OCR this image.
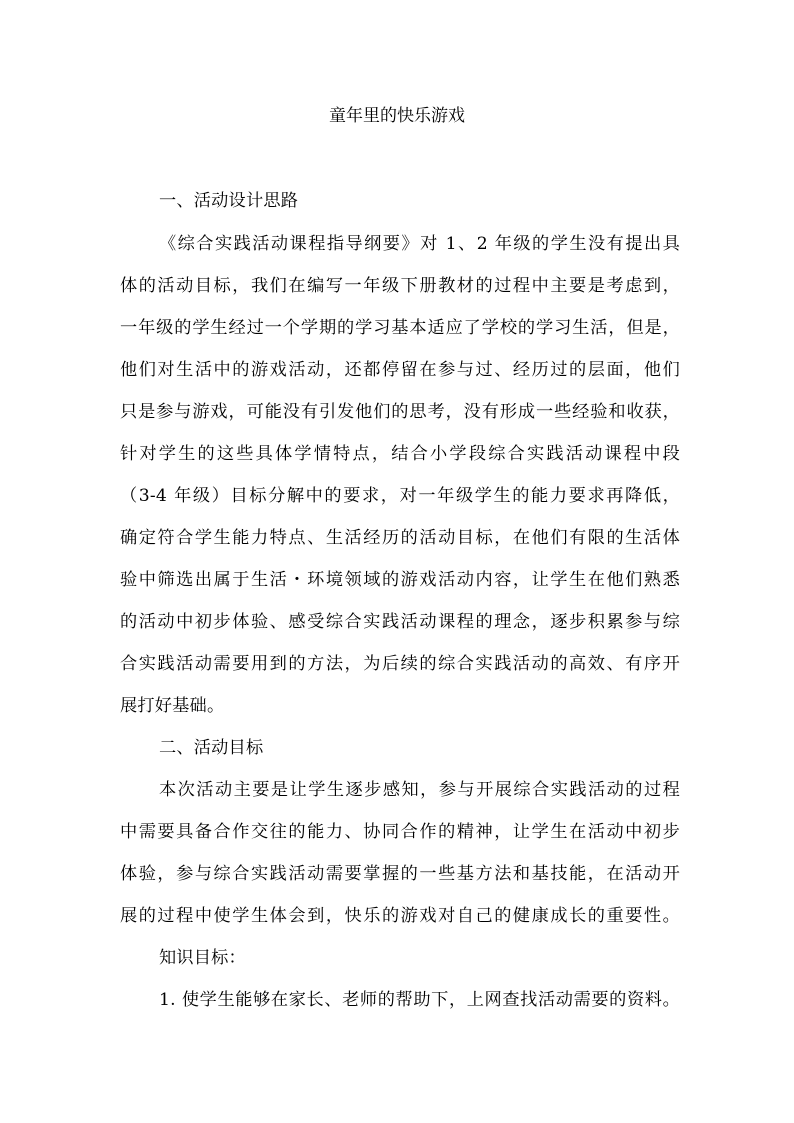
童年里的快乐游戏
一、活动设计思路
《综合实践活动课程指导纲要》对 1、2 年级的学生没有提出具
体的活动目标，我们在编写一年级下册教材的过程中主要是考虑到，
一年级的学生经过一个学期的学习基本适应了学校的学习生活，但是，
他们对生活中的游戏活动，还都停留在参与过、经历过的层面，他们
只是参与游戏，可能没有引发他们的思考，没有形成一些经验和收获，
针对学生的这些具体学情特点，结合小学段综合实践活动课程中段
（3-4 年级）目标分解中的要求，对一年级学生的能力要求再降低，
确定符合学生能力特点、生活经历的活动目标，在他们有限的生活体
验中筛选出属于生活・环境领域的游戏活动内容，让学生在他们熟悉
的活动中初步体验、感受综合实践活动课程的理念，逐步积累参与综
合实践活动需要用到的方法，为后续的综合实践活动的高效、有序开
展打好基础。
二、活动目标
本次活动主要是让学生逐步感知，参与开展综合实践活动的过程
中需要具备合作交往的能力、协同合作的精神，让学生在活动中初步
体验，参与综合实践活动需要掌握的一些基方法和基技能，在活动开
展的过程中使学生体会到，快乐的游戏对自己的健康成长的重要性。
知识目标：
1. 使学生能够在家长、老师的帮助下，上网查找活动需要的资料。
